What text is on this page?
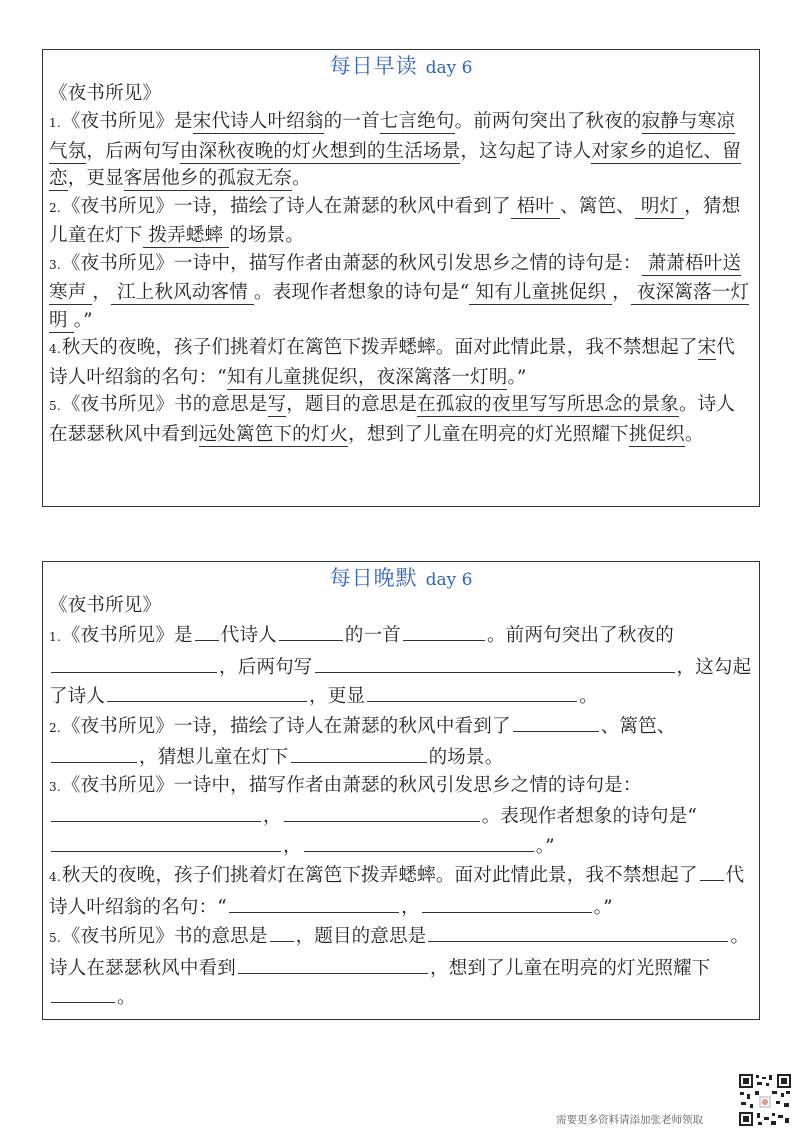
每日早读 day 6
《夜书所见》
1.《夜书所见》是宋代诗人叶绍翁的一首七言绝句。前两句突出了秋夜的寂静与寒凉气氛，后两句写由深秋夜晚的灯火想到的生活场景，这勾起了诗人对家乡的追忆、留恋，更显客居他乡的孤寂无奈。
2.《夜书所见》一诗，描绘了诗人在萧瑟的秋风中看到了 梧叶 、篱笆、 明灯 ，猜想儿童在灯下 拨弄蟋蟀 的场景。
3.《夜书所见》一诗中，描写作者由萧瑟的秋风引发思乡之情的诗句是： 萧萧梧叶送寒声 ， 江上秋风动客情 。表现作者想象的诗句是“ 知有儿童挑促织 ， 夜深篱落一灯明 。”
4.秋天的夜晚，孩子们挑着灯在篱笆下拨弄蟋蟀。面对此情此景，我不禁想起了宋代诗人叶绍翁的名句：“知有儿童挑促织，夜深篱落一灯明。”
5.《夜书所见》书的意思是写，题目的意思是在孤寂的夜里写写所思念的景象。诗人在瑟瑟秋风中看到远处篱笆下的灯火，想到了儿童在明亮的灯光照耀下挑促织。
每日晚默 day 6
《夜书所见》
1.《夜书所见》是 代诗人	的一首	。前两句突出了秋夜的，后两句写	，这勾起了诗人	，更显	。
2.《夜书所见》一诗，描绘了诗人在萧瑟的秋风中看到了	、篱笆、，猜想儿童在灯下	的场景。
3.《夜书所见》一诗中，描写作者由萧瑟的秋风引发思乡之情的诗句是：，	。表现作者想象的诗句是“，	。”
4.秋天的夜晚，孩子们挑着灯在篱笆下拨弄蟋蟀。面对此情此景，我不禁想起了 代诗人叶绍翁的名句：“	，	。”
5.《夜书所见》书的意思是 ，题目的意思是	。诗人在瑟瑟秋风中看到	，想到了儿童在明亮的灯光照耀下。
需要更多资料请添加张老师领取
